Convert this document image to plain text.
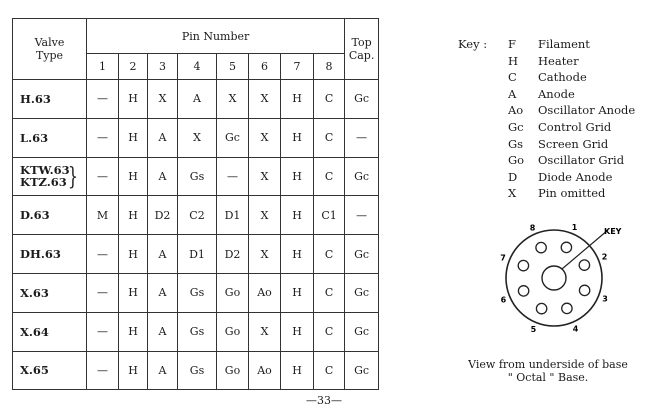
Valve
Type	Pin Number								Top
Cap.
	1	2	3	4	5	6	7	8	

H.63	—	H	X	A	X	X	H	C	Gc

L.63	—	H	A	X	Gc	X	H	C	—

KTW.63
KTZ.63 }	—	H	A	Gs	—	X	H	C	Gc

D.63	M	H	D2	C2	D1	X	H	C1	—

DH.63	—	H	A	D1	D2	X	H	C	Gc

X.63	—	H	A	Gs	Go	Ao	H	C	Gc

X.64	—	H	A	Gs	Go	X	H	C	Gc

X.65	—	H	A	Gs	Go	Ao	H	C	Gc
Key :	F	Filament
H	Heater
C	Cathode
A	Anode
Ao	Oscillator Anode
Gc	Control Grid
Gs	Screen Grid
Go	Oscillator Grid
D	Diode Anode
X	Pin omitted
1
2
3
4
5
6
7
8	KEY
View from underside of base
" Octal " Base.
—33—
